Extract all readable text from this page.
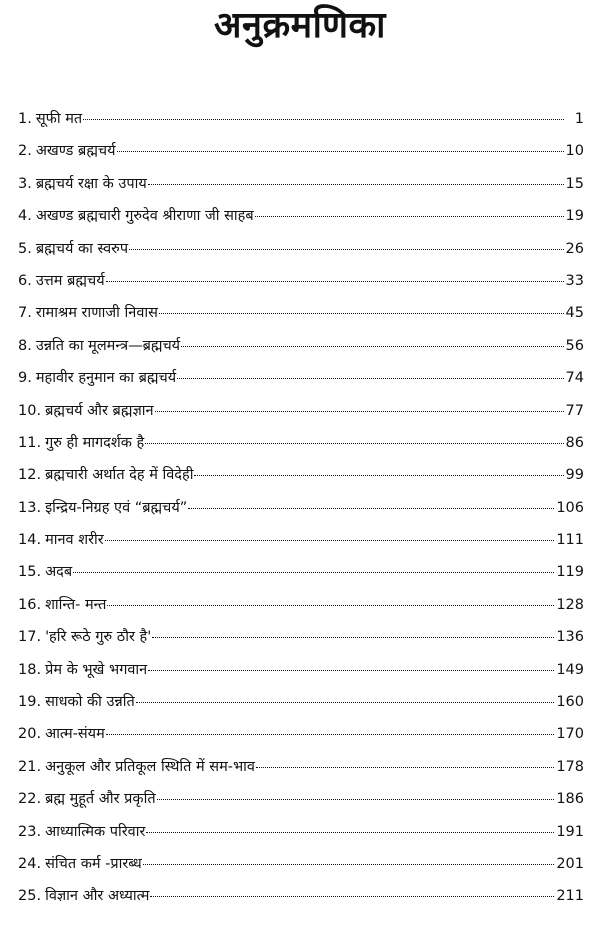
अनुक्रमणिका
1. सूफी मत	1
2. अखण्ड ब्रह्मचर्य	10
3. ब्रह्मचर्य रक्षा के उपाय	15
4. अखण्ड ब्रह्मचारी गुरुदेव श्रीराणा जी साहब	19
5. ब्रह्मचर्य का स्वरुप	26
6. उत्तम ब्रह्मचर्य	33
7. रामाश्रम राणाजी निवास	45
8. उन्नति का मूलमन्त्र—ब्रह्मचर्य	56
9. महावीर हनुमान का ब्रह्मचर्य	74
10. ब्रह्मचर्य और ब्रह्मज्ञान	77
11. गुरु ही मागदर्शक है	86
12. ब्रह्मचारी अर्थात देह में विदेही	99
13. इन्द्रिय-निग्रह एवं “ब्रह्मचर्य”	106
14. मानव शरीर	111
15. अदब	119
16. शान्ति- मन्त	128
17. 'हरि रूठे गुरु ठौर है'	136
18. प्रेम के भूखे भगवान	149
19. साधको की उन्नति	160
20. आत्म-संयम	170
21. अनुकूल और प्रतिकूल स्थिति में सम-भाव	178
22. ब्रह्म मुहूर्त और प्रकृति	186
23. आध्यात्मिक परिवार	191
24. संचित कर्म -प्रारब्ध	201
25. विज्ञान और अध्यात्म	211
